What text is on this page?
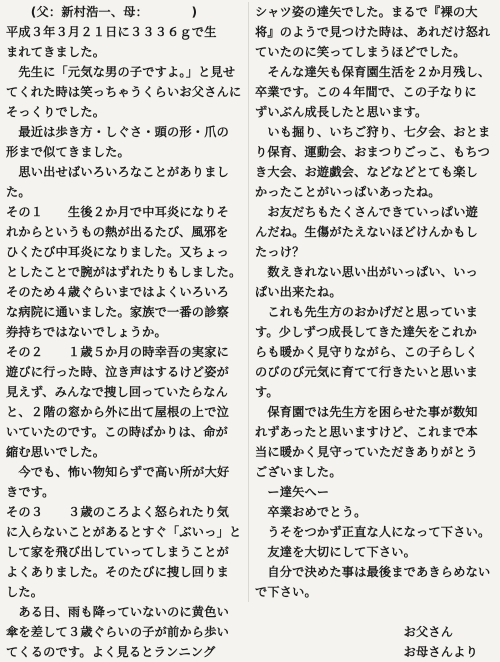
　　(父：新村浩一、母：　　　　)
平成３年３月２１日に３３３６ｇで生
まれてきました。
　先生に「元気な男の子ですよ。」と見せ
てくれた時は笑っちゃうくらいお父さんに
そっくりでした。
　最近は歩き方・しぐさ・頭の形・爪の
形まで似てきました。
　思い出せばいろいろなことがありまし
た。
その１　　生後２か月で中耳炎になりそ
れからというもの熱が出るたび、風邪を
ひくたび中耳炎になりました。又ちょっ
としたことで腕がはずれたりもしました。
そのため４歳ぐらいまではよくいろいろ
な病院に通いました。家族で一番の診察
券持ちではないでしょうか。
その２　　１歳５か月の時幸吾の実家に
遊びに行った時、泣き声はするけど姿が
見えず、みんなで捜し回っていたらなん
と、２階の窓から外に出て屋根の上で泣
いていたのです。この時ばかりは、命が
縮む思いでした。
　今でも、怖い物知らずで高い所が大好
きです。
その３　　３歳のころよく怒られたり気
に入らないことがあるとすぐ「ぶいっ」と
して家を飛び出していってしまうことが
よくありました。そのたびに捜し回りま
した。
　ある日、雨も降っていないのに黄色い
傘を差して３歳ぐらいの子が前から歩い
てくるのです。よく見るとランニング
シャツ姿の達矢でした。まるで『裸の大
将』のようで見つけた時は、あれだけ怒れ
ていたのに笑ってしまうほどでした。
　そんな達矢も保育園生活を２か月残し、
卒業です。この４年間で、この子なりに
ずいぶん成長したと思います。
　いも掘り、いちご狩り、七夕会、おとま
り保育、運動会、おまつりごっこ、もちつ
き大会、お遊戯会、などなどとても楽し
かったことがいっぱいあったね。
　お友だちもたくさんできていっぱい遊
んだね。生傷がたえないほどけんかもし
たっけ？
　数えきれない思い出がいっぱい、いっ
ぱい出来たね。
　これも先生方のおかげだと思っていま
す。少しずつ成長してきた達矢をこれか
らも暖かく見守りながら、この子らしく
のびのび元気に育てて行きたいと思いま
す。
　保育園では先生方を困らせた事が数知
れずあったと思いますけど、これまで本
当に暖かく見守っていただきありがとう
ございました。
　ー達矢へー
　卒業おめでとう。
　うそをつかず正直な人になって下さい。
　友達を大切にして下さい。
　自分で決めた事は最後まであきらめない
で下さい。
　　　　　　　　　　　　お父さん
　　　　　　　　　　　　お母さんより
